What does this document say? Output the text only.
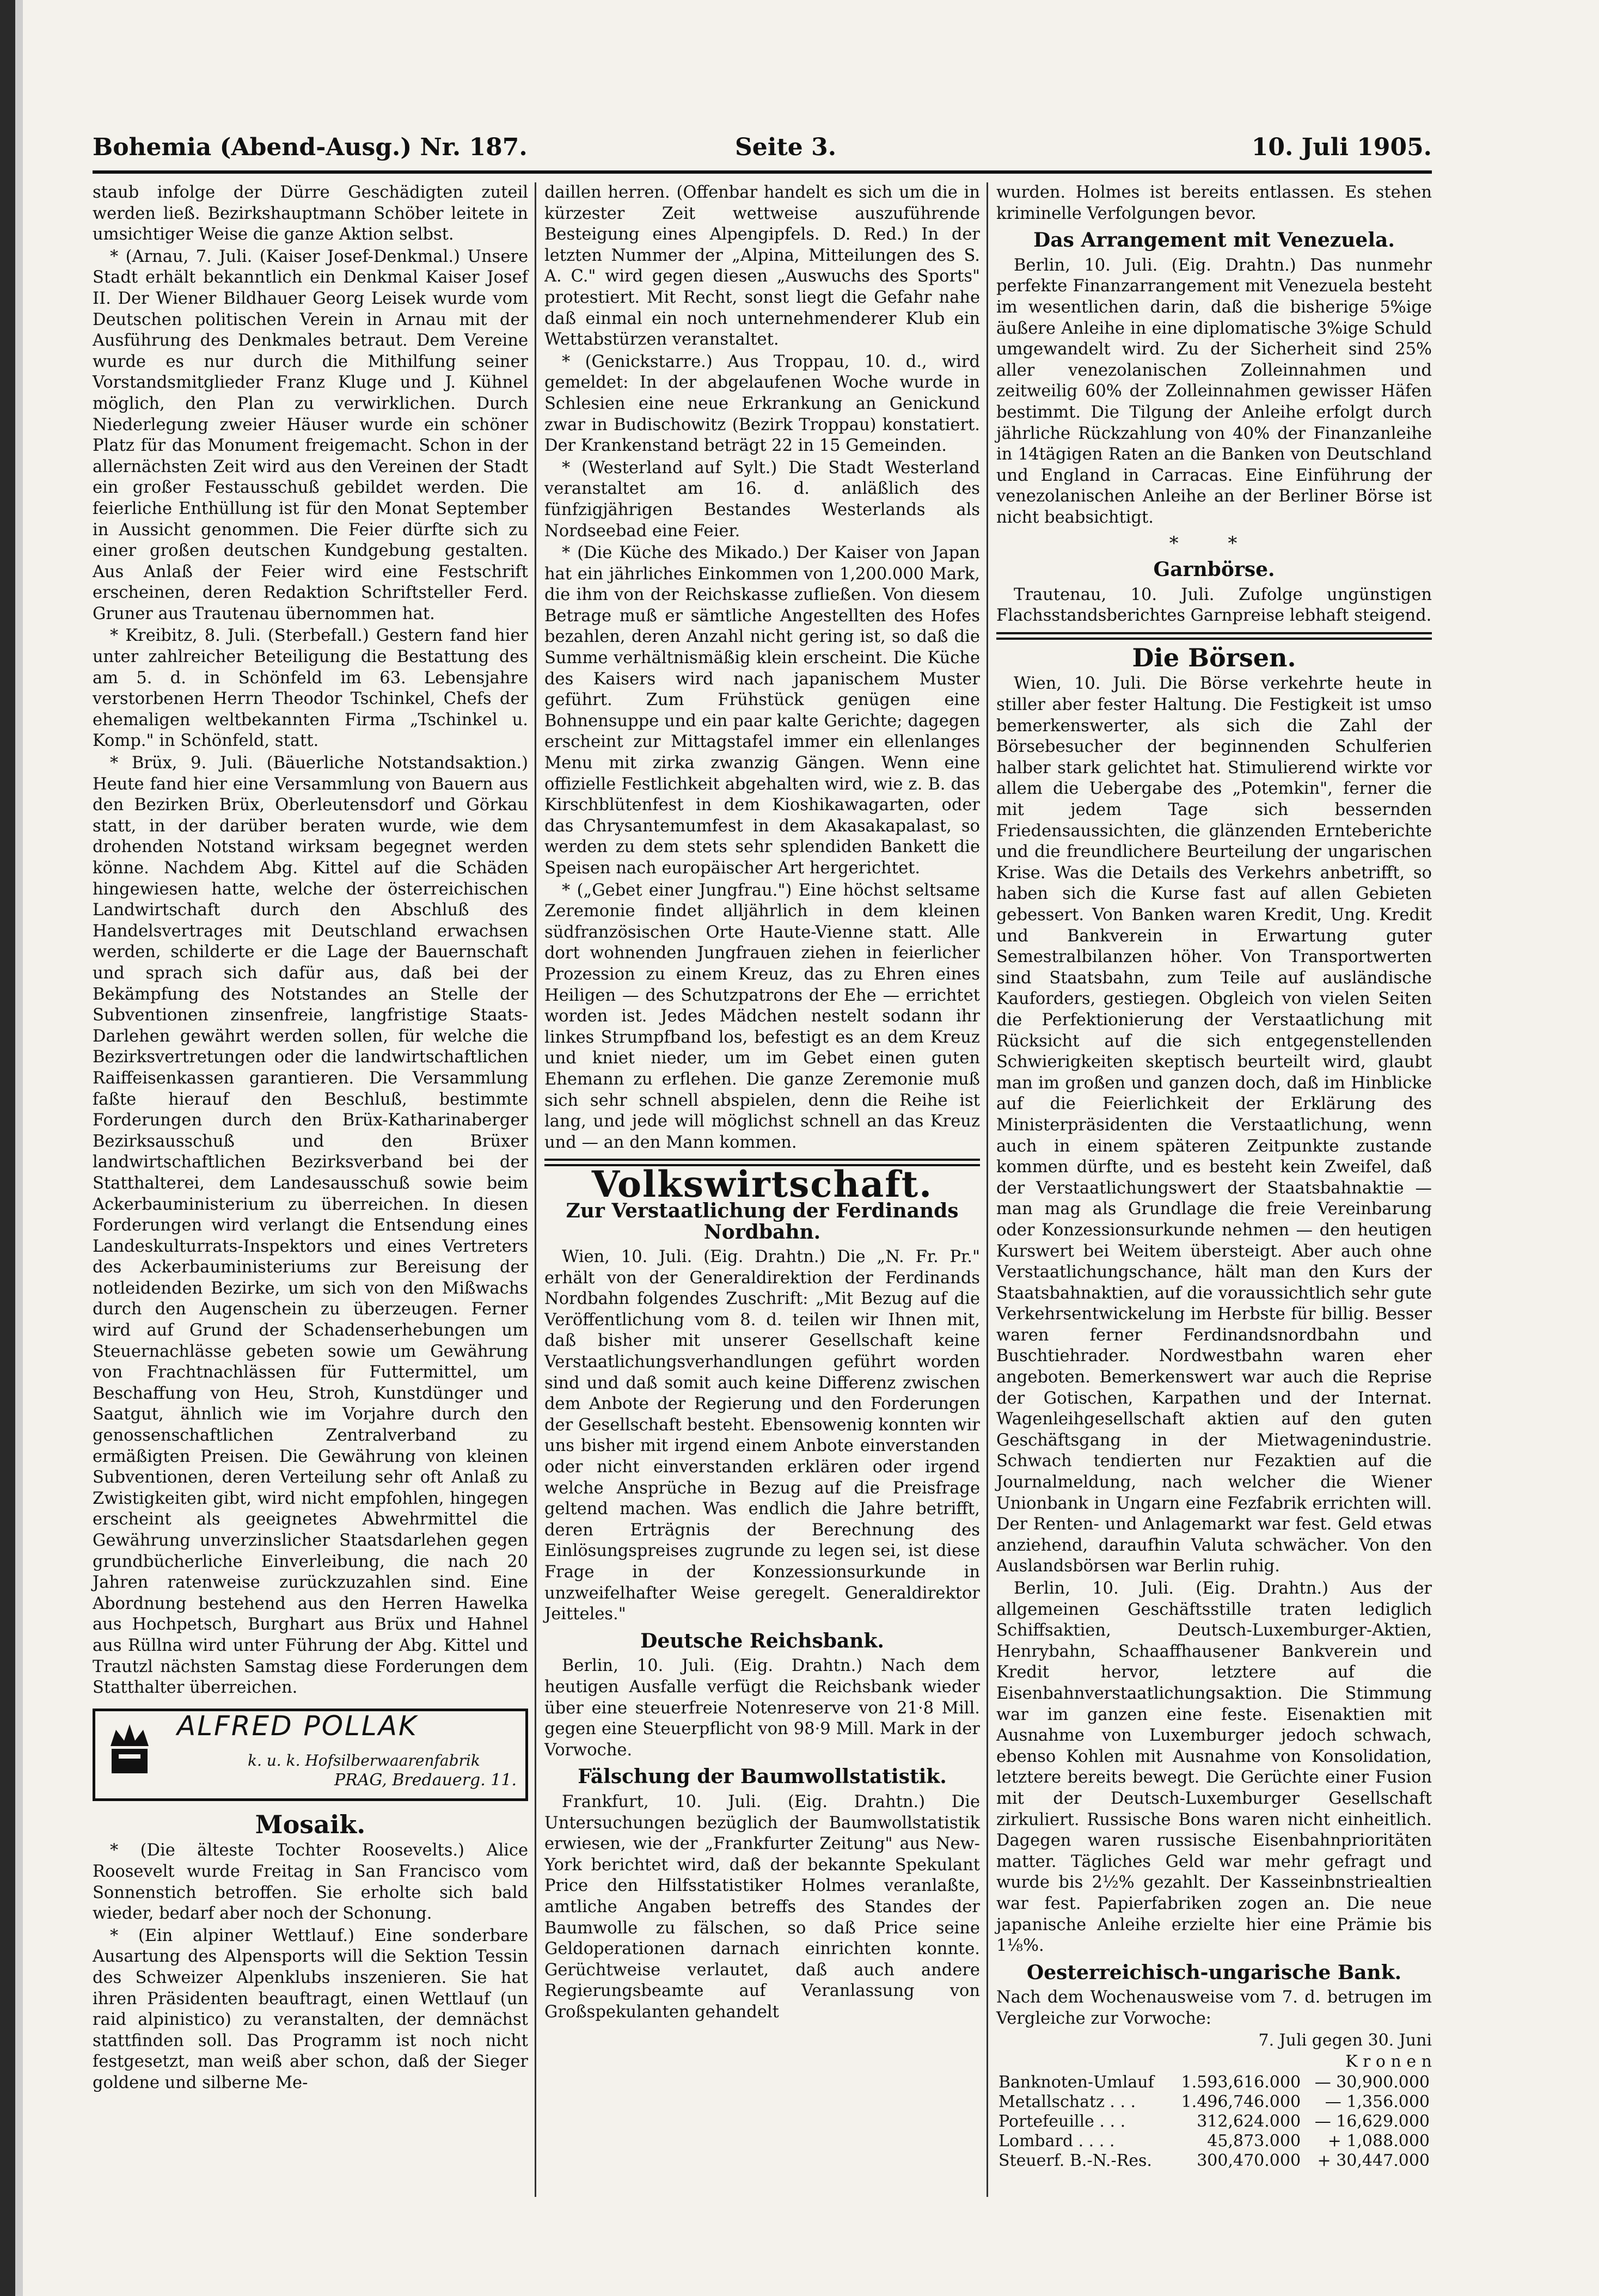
Bohemia (Abend-Ausg.) Nr. 187.	Seite 3.	10. Juli 1905.

staub infolge der Dürre Geschädigten zuteil werden ließ. Bezirkshauptmann Schöber leitete in umsichtiger Weise die ganze Aktion selbst.

* (Arnau, 7. Juli. (Kaiser Josef-Denkmal.) Unsere Stadt erhält bekanntlich ein Denkmal Kaiser Josef II. Der Wiener Bildhauer Georg Leisek wurde vom Deutschen politischen Verein in Arnau mit der Ausführung des Denkmales betraut. Dem Vereine wurde es nur durch die Mithilfung seiner Vorstandsmitglieder Franz Kluge und J. Kühnel möglich, den Plan zu verwirklichen. Durch Niederlegung zweier Häuser wurde ein schöner Platz für das Monument freigemacht. Schon in der allernächsten Zeit wird aus den Vereinen der Stadt ein großer Festausschuß gebildet werden. Die feierliche Enthüllung ist für den Monat September in Aussicht genommen. Die Feier dürfte sich zu einer großen deutschen Kundgebung gestalten. Aus Anlaß der Feier wird eine Festschrift erscheinen, deren Redaktion Schriftsteller Ferd. Gruner aus Trautenau übernommen hat.

* Kreibitz, 8. Juli. (Sterbefall.) Gestern fand hier unter zahlreicher Beteiligung die Bestattung des am 5. d. in Schönfeld im 63. Lebensjahre verstorbenen Herrn Theodor Tschinkel, Chefs der ehemaligen weltbekannten Firma „Tschinkel u. Komp." in Schönfeld, statt.

* Brüx, 9. Juli. (Bäuerliche Notstandsaktion.) Heute fand hier eine Versammlung von Bauern aus den Bezirken Brüx, Oberleutensdorf und Görkau statt, in der darüber beraten wurde, wie dem drohenden Notstand wirksam begegnet werden könne. Nachdem Abg. Kittel auf die Schäden hingewiesen hatte, welche der österreichischen Landwirtschaft durch den Abschluß des Handelsvertrages mit Deutschland erwachsen werden, schilderte er die Lage der Bauernschaft und sprach sich dafür aus, daß bei der Bekämpfung des Notstandes an Stelle der Subventionen zinsenfreie, langfristige Staats-Darlehen gewährt werden sollen, für welche die Bezirksvertretungen oder die landwirtschaftlichen Raiffeisenkassen garantieren. Die Versammlung faßte hierauf den Beschluß, bestimmte Forderungen durch den Brüx-Katharinaberger Bezirksausschuß und den Brüxer landwirtschaftlichen Bezirksverband bei der Statthalterei, dem Landesausschuß sowie beim Ackerbauministerium zu überreichen. In diesen Forderungen wird verlangt die Entsendung eines Landeskulturrats-Inspektors und eines Vertreters des Ackerbauministeriums zur Bereisung der notleidenden Bezirke, um sich von den Mißwachs durch den Augenschein zu überzeugen. Ferner wird auf Grund der Schadenserhebungen um Steuernachlässe gebeten sowie um Gewährung von Frachtnachlässen für Futtermittel, um Beschaffung von Heu, Stroh, Kunstdünger und Saatgut, ähnlich wie im Vorjahre durch den genossenschaftlichen Zentralverband zu ermäßigten Preisen. Die Gewährung von kleinen Subventionen, deren Verteilung sehr oft Anlaß zu Zwistigkeiten gibt, wird nicht empfohlen, hingegen erscheint als geeignetes Abwehrmittel die Gewährung unverzinslicher Staatsdarlehen gegen grundbücherliche Einverleibung, die nach 20 Jahren ratenweise zurückzuzahlen sind. Eine Abordnung bestehend aus den Herren Hawelka aus Hochpetsch, Burghart aus Brüx und Hahnel aus Rüllna wird unter Führung der Abg. Kittel und Trautzl nächsten Samstag diese Forderungen dem Statthalter überreichen.

ALFRED POLLAK
k. u. k. Hofsilberwaarenfabrik
PRAG, Bredauerg. 11.
Mosaik.

* (Die älteste Tochter Roosevelts.) Alice Roosevelt wurde Freitag in San Francisco vom Sonnenstich betroffen. Sie erholte sich bald wieder, bedarf aber noch der Schonung.

* (Ein alpiner Wettlauf.) Eine sonderbare Ausartung des Alpensports will die Sektion Tessin des Schweizer Alpenklubs inszenieren. Sie hat ihren Präsidenten beauftragt, einen Wettlauf (un raid alpinistico) zu veranstalten, der demnächst stattfinden soll. Das Programm ist noch nicht festgesetzt, man weiß aber schon, daß der Sieger goldene und silberne Me-

daillen herren. (Offenbar handelt es sich um die in kürzester Zeit wettweise auszuführende Besteigung eines Alpengipfels. D. Red.) In der letzten Nummer der „Alpina, Mitteilungen des S. A. C." wird gegen diesen „Auswuchs des Sports" protestiert. Mit Recht, sonst liegt die Gefahr nahe daß einmal ein noch unternehmenderer Klub ein Wettabstürzen veranstaltet.

* (Genickstarre.) Aus Troppau, 10. d., wird gemeldet: In der abgelaufenen Woche wurde in Schlesien eine neue Erkrankung an Genickund zwar in Budischowitz (Bezirk Troppau) konstatiert. Der Krankenstand beträgt 22 in 15 Gemeinden.

* (Westerland auf Sylt.) Die Stadt Westerland veranstaltet am 16. d. anläßlich des fünfzigjährigen Bestandes Westerlands als Nordseebad eine Feier.

* (Die Küche des Mikado.) Der Kaiser von Japan hat ein jährliches Einkommen von 1,200.000 Mark, die ihm von der Reichskasse zufließen. Von diesem Betrage muß er sämtliche Angestellten des Hofes bezahlen, deren Anzahl nicht gering ist, so daß die Summe verhältnismäßig klein erscheint. Die Küche des Kaisers wird nach japanischem Muster geführt. Zum Frühstück genügen eine Bohnensuppe und ein paar kalte Gerichte; dagegen erscheint zur Mittagstafel immer ein ellenlanges Menu mit zirka zwanzig Gängen. Wenn eine offizielle Festlichkeit abgehalten wird, wie z. B. das Kirschblütenfest in dem Kioshikawagarten, oder das Chrysantemumfest in dem Akasakapalast, so werden zu dem stets sehr splendiden Bankett die Speisen nach europäischer Art hergerichtet.

* („Gebet einer Jungfrau.") Eine höchst seltsame Zeremonie findet alljährlich in dem kleinen südfranzösischen Orte Haute-Vienne statt. Alle dort wohnenden Jungfrauen ziehen in feierlicher Prozession zu einem Kreuz, das zu Ehren eines Heiligen — des Schutzpatrons der Ehe — errichtet worden ist. Jedes Mädchen nestelt sodann ihr linkes Strumpfband los, befestigt es an dem Kreuz und kniet nieder, um im Gebet einen guten Ehemann zu erflehen. Die ganze Zeremonie muß sich sehr schnell abspielen, denn die Reihe ist lang, und jede will möglichst schnell an das Kreuz und — an den Mann kommen.

Volkswirtschaft.
Zur Verstaatlichung der Ferdinands Nordbahn.

Wien, 10. Juli. (Eig. Drahtn.) Die „N. Fr. Pr." erhält von der Generaldirektion der Ferdinands Nordbahn folgendes Zuschrift: „Mit Bezug auf die Veröffentlichung vom 8. d. teilen wir Ihnen mit, daß bisher mit unserer Gesellschaft keine Verstaatlichungsverhandlungen geführt worden sind und daß somit auch keine Differenz zwischen dem Anbote der Regierung und den Forderungen der Gesellschaft besteht. Ebensowenig konnten wir uns bisher mit irgend einem Anbote einverstanden oder nicht einverstanden erklären oder irgend welche Ansprüche in Bezug auf die Preisfrage geltend machen. Was endlich die Jahre betrifft, deren Erträgnis der Berechnung des Einlösungspreises zugrunde zu legen sei, ist diese Frage in der Konzessionsurkunde in unzweifelhafter Weise geregelt. Generaldirektor Jeitteles."

Deutsche Reichsbank.

Berlin, 10. Juli. (Eig. Drahtn.) Nach dem heutigen Ausfalle verfügt die Reichsbank wieder über eine steuerfreie Notenreserve von 21·8 Mill. gegen eine Steuerpflicht von 98·9 Mill. Mark in der Vorwoche.

Fälschung der Baumwollstatistik.

Frankfurt, 10. Juli. (Eig. Drahtn.) Die Untersuchungen bezüglich der Baumwollstatistik erwiesen, wie der „Frankfurter Zeitung" aus New-York berichtet wird, daß der bekannte Spekulant Price den Hilfsstatistiker Holmes veranlaßte, amtliche Angaben betreffs des Standes der Baumwolle zu fälschen, so daß Price seine Geldoperationen darnach einrichten konnte. Gerüchtweise verlautet, daß auch andere Regierungsbeamte auf Veranlassung von Großspekulanten gehandelt

wurden. Holmes ist bereits entlassen. Es stehen kriminelle Verfolgungen bevor.

Das Arrangement mit Venezuela.

Berlin, 10. Juli. (Eig. Drahtn.) Das nunmehr perfekte Finanzarrangement mit Venezuela besteht im wesentlichen darin, daß die bisherige 5%ige äußere Anleihe in eine diplomatische 3%ige Schuld umgewandelt wird. Zu der Sicherheit sind 25% aller venezolanischen Zolleinnahmen und zeitweilig 60% der Zolleinnahmen gewisser Häfen bestimmt. Die Tilgung der Anleihe erfolgt durch jährliche Rückzahlung von 40% der Finanzanleihe in 14tägigen Raten an die Banken von Deutschland und England in Carracas. Eine Einführung der venezolanischen Anleihe an der Berliner Börse ist nicht beabsichtigt.

* *
Garnbörse.

Trautenau, 10. Juli. Zufolge ungünstigen Flachsstandsberichtes Garnpreise lebhaft steigend.

Die Börsen.

Wien, 10. Juli. Die Börse verkehrte heute in stiller aber fester Haltung. Die Festigkeit ist umso bemerkenswerter, als sich die Zahl der Börsebesucher der beginnenden Schulferien halber stark gelichtet hat. Stimulierend wirkte vor allem die Uebergabe des „Potemkin", ferner die mit jedem Tage sich bessernden Friedensaussichten, die glänzenden Ernteberichte und die freundlichere Beurteilung der ungarischen Krise. Was die Details des Verkehrs anbetrifft, so haben sich die Kurse fast auf allen Gebieten gebessert. Von Banken waren Kredit, Ung. Kredit und Bankverein in Erwartung guter Semestralbilanzen höher. Von Transportwerten sind Staatsbahn, zum Teile auf ausländische Kauforders, gestiegen. Obgleich von vielen Seiten die Perfektionierung der Verstaatlichung mit Rücksicht auf die sich entgegenstellenden Schwierigkeiten skeptisch beurteilt wird, glaubt man im großen und ganzen doch, daß im Hinblicke auf die Feierlichkeit der Erklärung des Ministerpräsidenten die Verstaatlichung, wenn auch in einem späteren Zeitpunkte zustande kommen dürfte, und es besteht kein Zweifel, daß der Verstaatlichungswert der Staatsbahnaktie — man mag als Grundlage die freie Vereinbarung oder Konzessionsurkunde nehmen — den heutigen Kurswert bei Weitem übersteigt. Aber auch ohne Verstaatlichungschance, hält man den Kurs der Staatsbahnaktien, auf die voraussichtlich sehr gute Verkehrsentwickelung im Herbste für billig. Besser waren ferner Ferdinandsnordbahn und Buschtiehrader. Nordwestbahn waren eher angeboten. Bemerkenswert war auch die Reprise der Gotischen, Karpathen und der Internat. Wagenleihgesellschaft aktien auf den guten Geschäftsgang in der Mietwagenindustrie. Schwach tendierten nur Fezaktien auf die Journalmeldung, nach welcher die Wiener Unionbank in Ungarn eine Fezfabrik errichten will. Der Renten- und Anlagemarkt war fest. Geld etwas anziehend, daraufhin Valuta schwächer. Von den Auslandsbörsen war Berlin ruhig.

Berlin, 10. Juli. (Eig. Drahtn.) Aus der allgemeinen Geschäftsstille traten lediglich Schiffsaktien, Deutsch-Luxemburger-Aktien, Henrybahn, Schaaffhausener Bankverein und Kredit hervor, letztere auf die Eisenbahnverstaatlichungsaktion. Die Stimmung war im ganzen eine feste. Eisenaktien mit Ausnahme von Luxemburger jedoch schwach, ebenso Kohlen mit Ausnahme von Konsolidation, letztere bereits bewegt. Die Gerüchte einer Fusion mit der Deutsch-Luxemburger Gesellschaft zirkuliert. Russische Bons waren nicht einheitlich. Dagegen waren russische Eisenbahnprioritäten matter. Tägliches Geld war mehr gefragt und wurde bis 2½% gezahlt. Der Kasseinbnstriealtien war fest. Papierfabriken zogen an. Die neue japanische Anleihe erzielte hier eine Prämie bis 1⅛%.

Oesterreichisch-ungarische Bank.

Nach dem Wochenausweise vom 7. d. betrugen im Vergleiche zur Vorwoche:

7. Juli gegen 30. Juni
K r o n e n
Banknoten-Umlauf	1.593,616.000	— 30,900.000
Metallschatz . . .	1.496,746.000	— 1,356.000
Portefeuille . . .	312,624.000	— 16,629.000
Lombard . . . .	45,873.000	+ 1,088.000
Steuerf. B.-N.-Res.	300,470.000	+ 30,447.000
